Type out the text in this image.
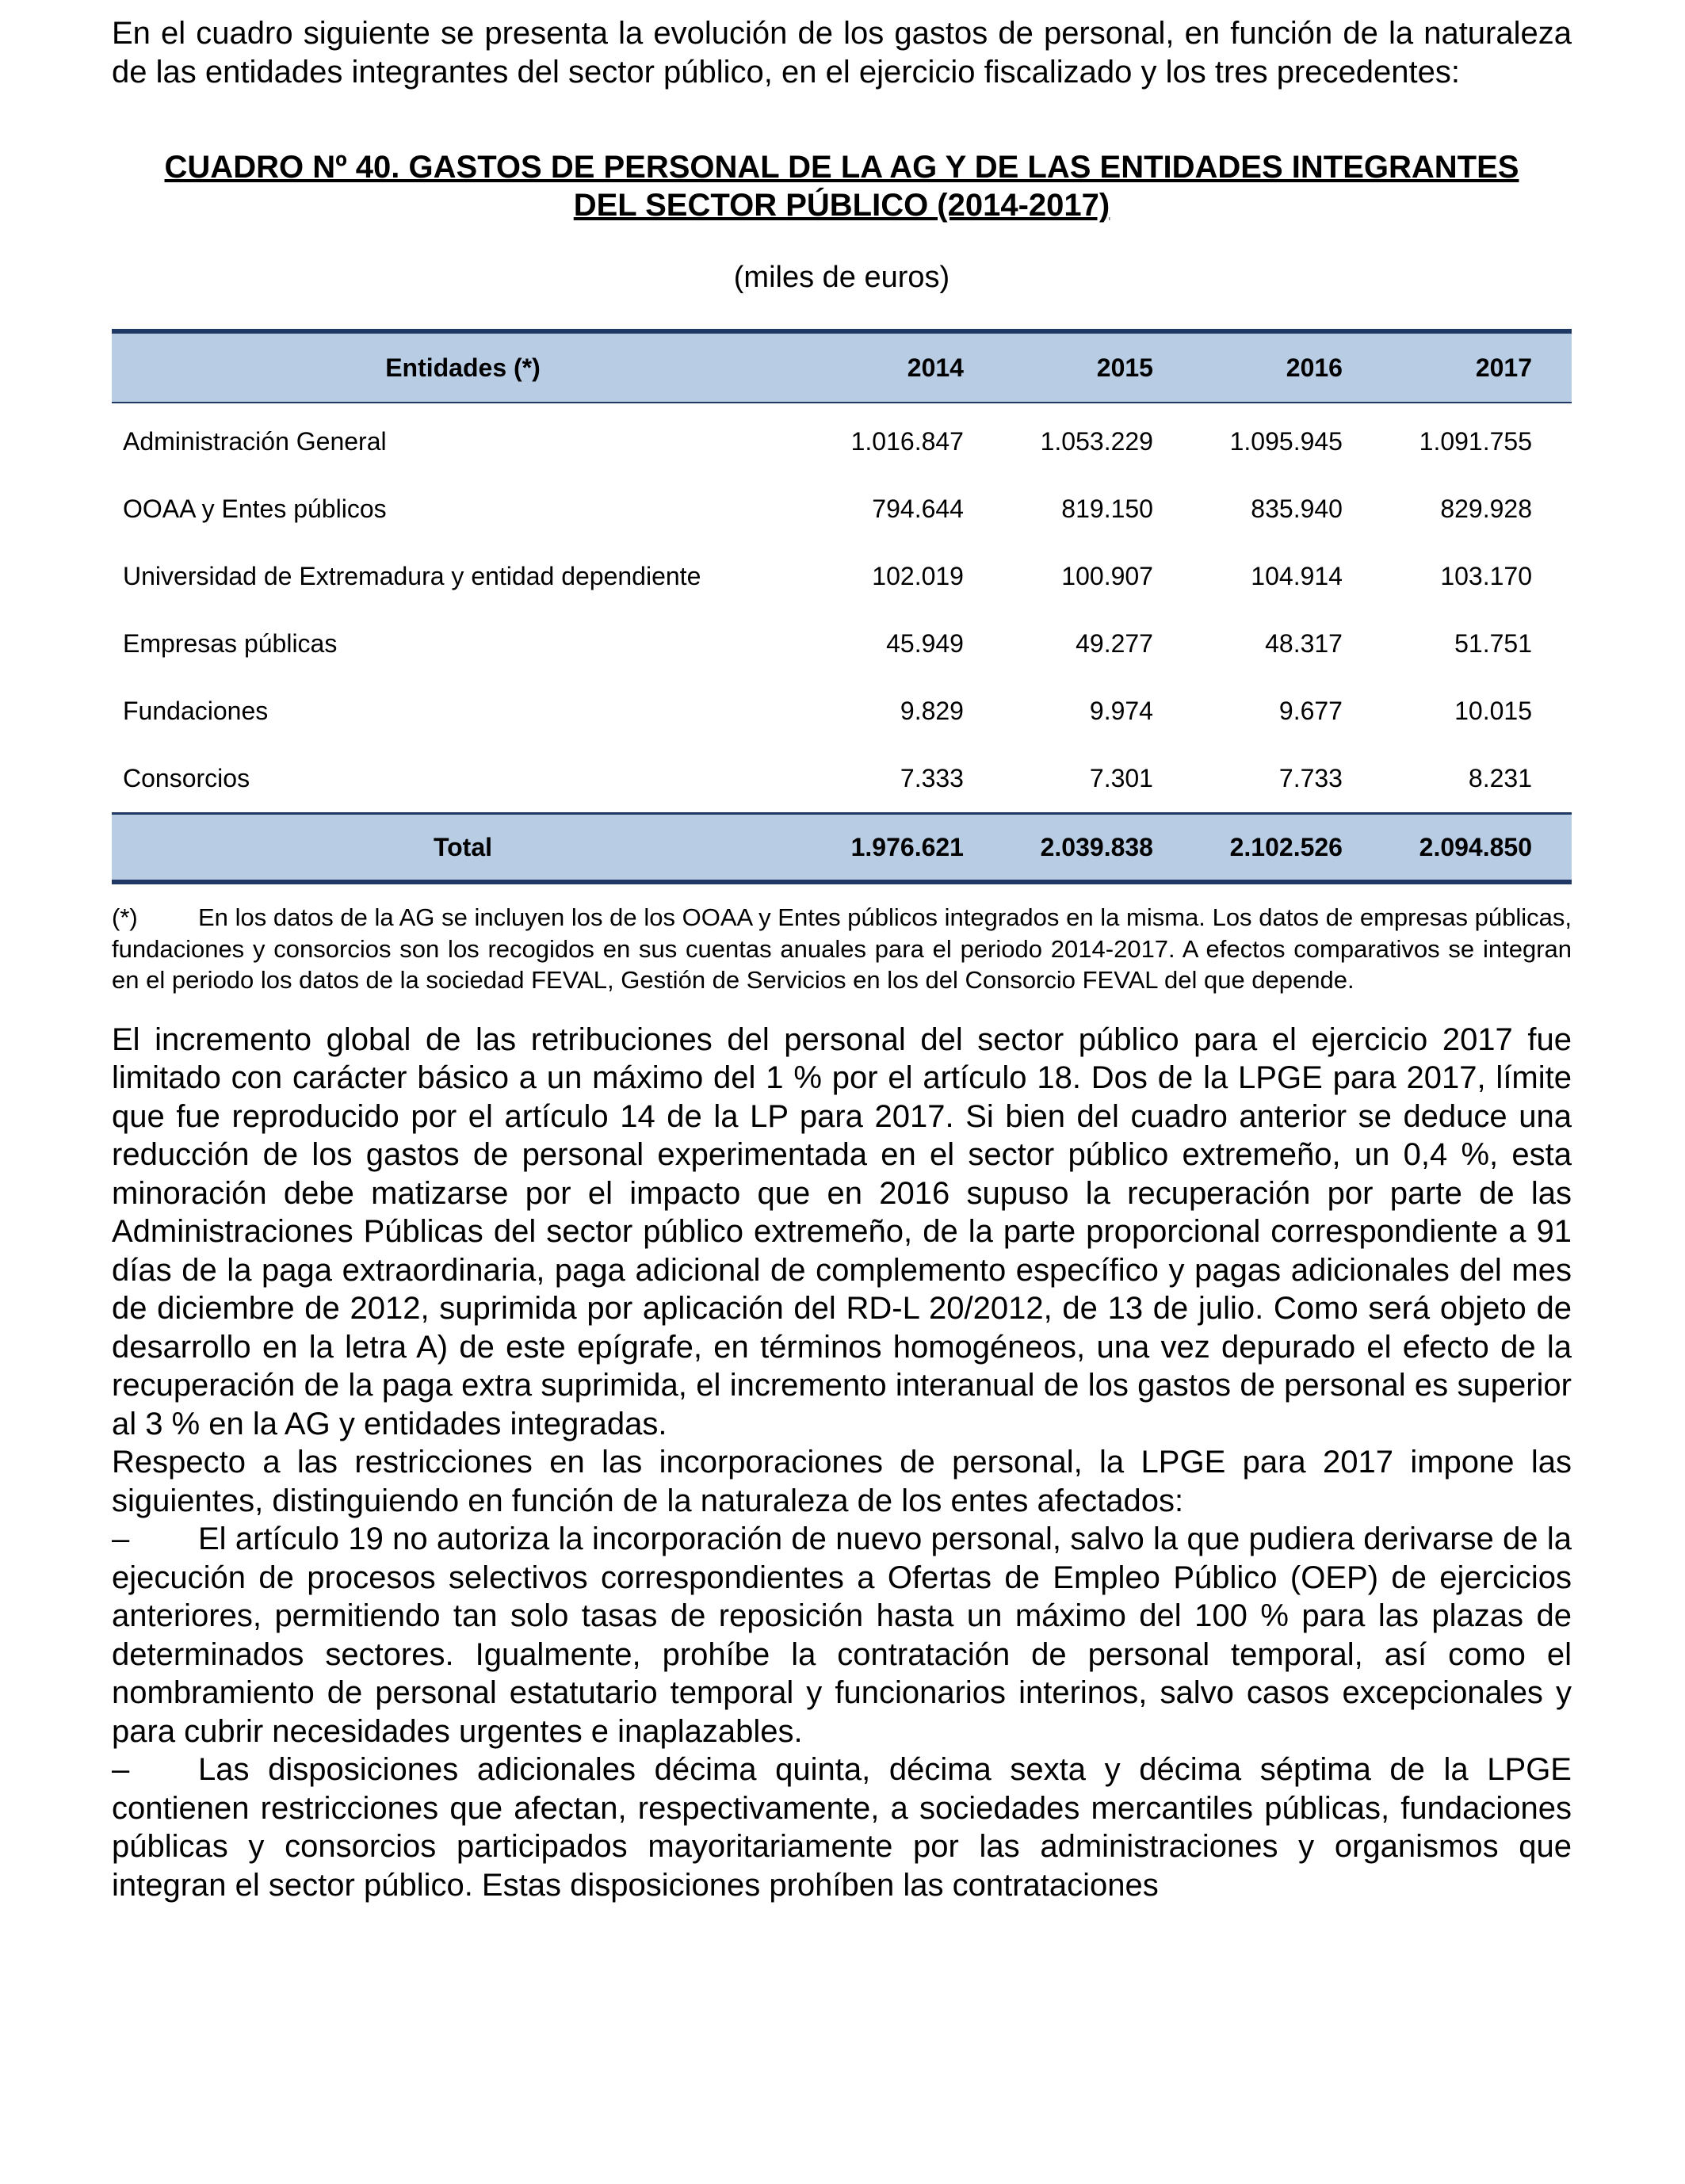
En el cuadro siguiente se presenta la evolución de los gastos de personal, en función de la naturaleza de las entidades integrantes del sector público, en el ejercicio fiscalizado y los tres precedentes:

CUADRO Nº 40. GASTOS DE PERSONAL DE LA AG Y DE LAS ENTIDADES INTEGRANTES
DEL SECTOR PÚBLICO (2014-2017)
(miles de euros)
Entidades (*)	2014	2015	2016	2017
Administración General	1.016.847	1.053.229	1.095.945	1.091.755
OOAA y Entes públicos	794.644	819.150	835.940	829.928
Universidad de Extremadura y entidad dependiente	102.019	100.907	104.914	103.170
Empresas públicas	45.949	49.277	48.317	51.751
Fundaciones	9.829	9.974	9.677	10.015
Consorcios	7.333	7.301	7.733	8.231
Total	1.976.621	2.039.838	2.102.526	2.094.850

(*) En los datos de la AG se incluyen los de los OOAA y Entes públicos integrados en la misma. Los datos de empresas públicas, fundaciones y consorcios son los recogidos en sus cuentas anuales para el periodo 2014-2017. A efectos comparativos se integran en el periodo los datos de la sociedad FEVAL, Gestión de Servicios en los del Consorcio FEVAL del que depende.

El incremento global de las retribuciones del personal del sector público para el ejercicio 2017 fue limitado con carácter básico a un máximo del 1 % por el artículo 18. Dos de la LPGE para 2017, límite que fue reproducido por el artículo 14 de la LP para 2017. Si bien del cuadro anterior se deduce una reducción de los gastos de personal experimentada en el sector público extremeño, un 0,4 %, esta minoración debe matizarse por el impacto que en 2016 supuso la recuperación por parte de las Administraciones Públicas del sector público extremeño, de la parte proporcional correspondiente a 91 días de la paga extraordinaria, paga adicional de complemento específico y pagas adicionales del mes de diciembre de 2012, suprimida por aplicación del RD-L 20/2012, de 13 de julio. Como será objeto de desarrollo en la letra A) de este epígrafe, en términos homogéneos, una vez depurado el efecto de la recuperación de la paga extra suprimida, el incremento interanual de los gastos de personal es superior al 3 % en la AG y entidades integradas.

Respecto a las restricciones en las incorporaciones de personal, la LPGE para 2017 impone las siguientes, distinguiendo en función de la naturaleza de los entes afectados:

– El artículo 19 no autoriza la incorporación de nuevo personal, salvo la que pudiera derivarse de la ejecución de procesos selectivos correspondientes a Ofertas de Empleo Público (OEP) de ejercicios anteriores, permitiendo tan solo tasas de reposición hasta un máximo del 100 % para las plazas de determinados sectores. Igualmente, prohíbe la contratación de personal temporal, así como el nombramiento de personal estatutario temporal y funcionarios interinos, salvo casos excepcionales y para cubrir necesidades urgentes e inaplazables.

– Las disposiciones adicionales décima quinta, décima sexta y décima séptima de la LPGE contienen restricciones que afectan, respectivamente, a sociedades mercantiles públicas, fundaciones públicas y consorcios participados mayoritariamente por las administraciones y organismos que integran el sector público. Estas disposiciones prohíben las contrataciones
